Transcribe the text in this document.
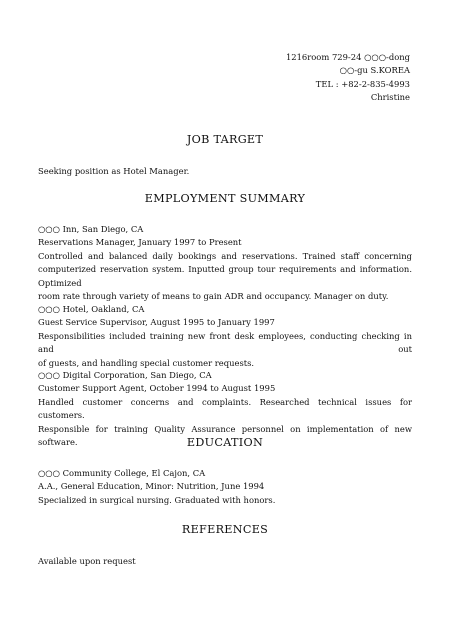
1216room 729-24 ○○○-dong
○○-gu S.KOREA
TEL : +82-2-835-4993
Christine
JOB TARGET
Seeking position as Hotel Manager.
EMPLOYMENT SUMMARY
○○○ Inn, San Diego, CA
Reservations Manager, January 1997 to Present
Controlled and balanced daily bookings and reservations. Trained staff concerning
computerized reservation system. Inputted group tour requirements and information. Optimized
room rate through variety of means to gain ADR and occupancy. Manager on duty.
○○○ Hotel, Oakland, CA
Guest Service Supervisor, August 1995 to January 1997
Responsibilities included training new front desk employees, conducting checking in and out
of guests, and handling special customer requests.
○○○ Digital Corporation, San Diego, CA
Customer Support Agent, October 1994 to August 1995
Handled customer concerns and complaints. Researched technical issues for customers.
Responsible for training Quality Assurance personnel on implementation of new software.	EDUCATION
○○○ Community College, El Cajon, CA
A.A., General Education, Minor: Nutrition, June 1994
Specialized in surgical nursing. Graduated with honors.
REFERENCES
Available upon request
